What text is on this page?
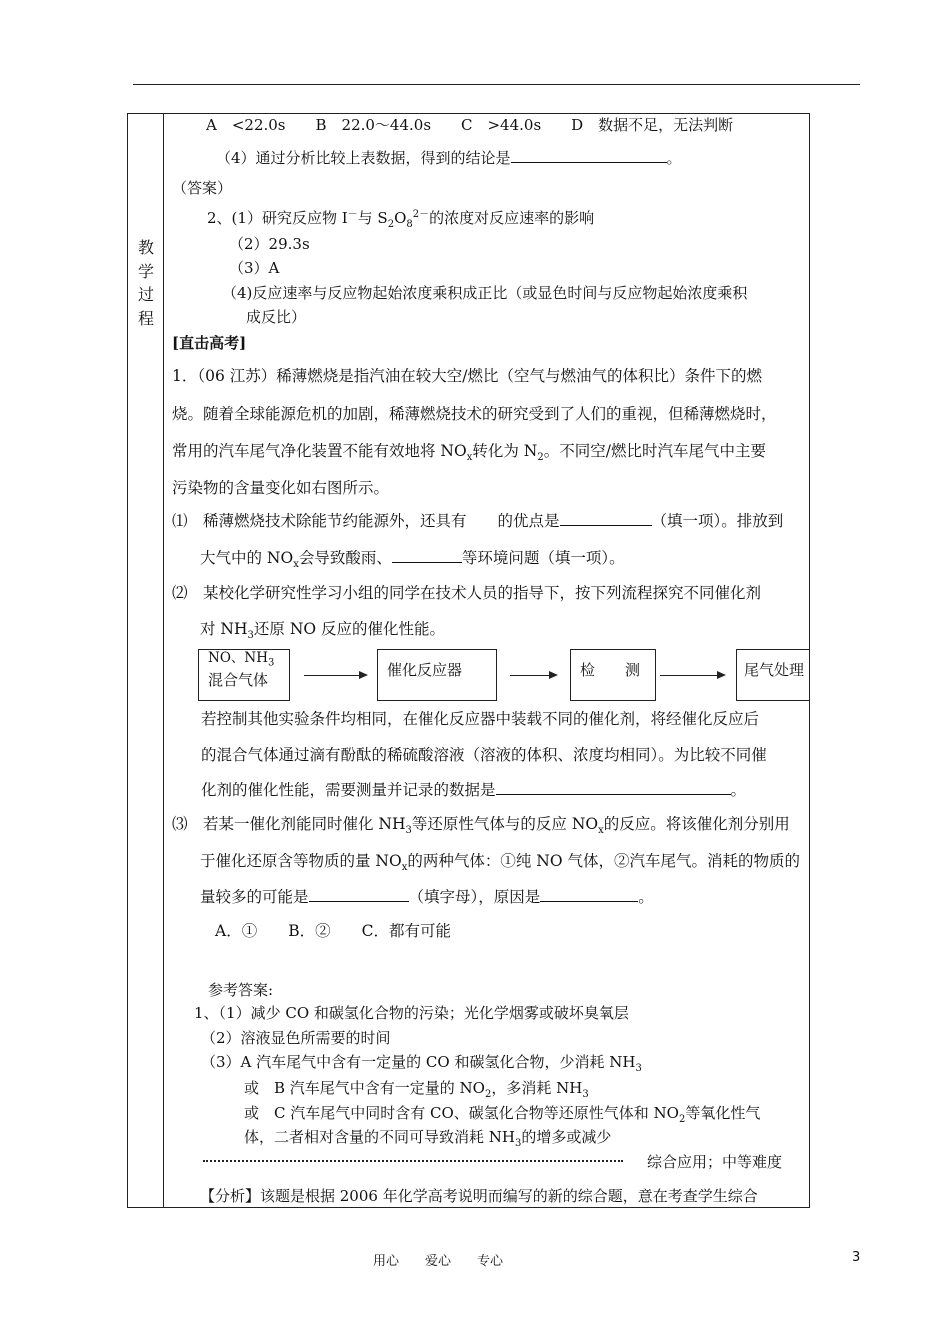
教学过程
A　<22.0s　　B　22.0～44.0s　　C　>44.0s　　D　数据不足，无法判断
（4）通过分析比较上表数据，得到的结论是	。
（答案）
2、(1）研究反应物 I－与 $S_2O_8^{2-}$的浓度对反应速率的影响
（2）29.3s
（3）A
（4)反应速率与反应物起始浓度乘积成正比（或显色时间与反应物起始浓度乘积
成反比）
[直击高考]
1．（06 江苏）稀薄燃烧是指汽油在较大空/燃比（空气与燃油气的体积比）条件下的燃
烧。随着全球能源危机的加剧，稀薄燃烧技术的研究受到了人们的重视，但稀薄燃烧时，
常用的汽车尾气净化装置不能有效地将 $NO_x$转化为 $N_2$。不同空/燃比时汽车尾气中主要
污染物的含量变化如右图所示。
⑴　稀薄燃烧技术除能节约能源外，还具有　　的优点是	（填一项）。排放到
大气中的 $NO_x$会导致酸雨、	等环境问题（填一项）。
⑵　某校化学研究性学习小组的同学在技术人员的指导下，按下列流程探究不同催化剂
对 $NH_3$还原 NO 反应的催化性能。
NO、$NH_3$
混合气体
催化反应器	检　　测	尾气处理
若控制其他实验条件均相同，在催化反应器中装载不同的催化剂，将经催化反应后
的混合气体通过滴有酚酞的稀硫酸溶液（溶液的体积、浓度均相同）。为比较不同催
化剂的催化性能，需要测量并记录的数据是	。
⑶　若某一催化剂能同时催化 $NH_3$等还原性气体与的反应 $NO_x$的反应。将该催化剂分别用
于催化还原含等物质的量 $NO_x$的两种气体：①纯 NO 气体，②汽车尾气。消耗的物质的
量较多的可能是	（填字母），原因是	。
A．①　　B．②　　C．都有可能
参考答案:
1、（1）减少 CO 和碳氢化合物的污染；光化学烟雾或破坏臭氧层
（2）溶液显色所需要的时间
（3）A 汽车尾气中含有一定量的 CO 和碳氢化合物，少消耗 $NH_3$
或　B 汽车尾气中含有一定量的 $NO_2$，多消耗 $NH_3$
或　C 汽车尾气中同时含有 CO、碳氢化合物等还原性气体和 $NO_2$等氧化性气
体，二者相对含量的不同可导致消耗 $NH_3$的增多或减少
综合应用；中等难度
【分析】该题是根据 2006 年化学高考说明而编写的新的综合题，意在考查学生综合
用心　　爱心　　专心	3
